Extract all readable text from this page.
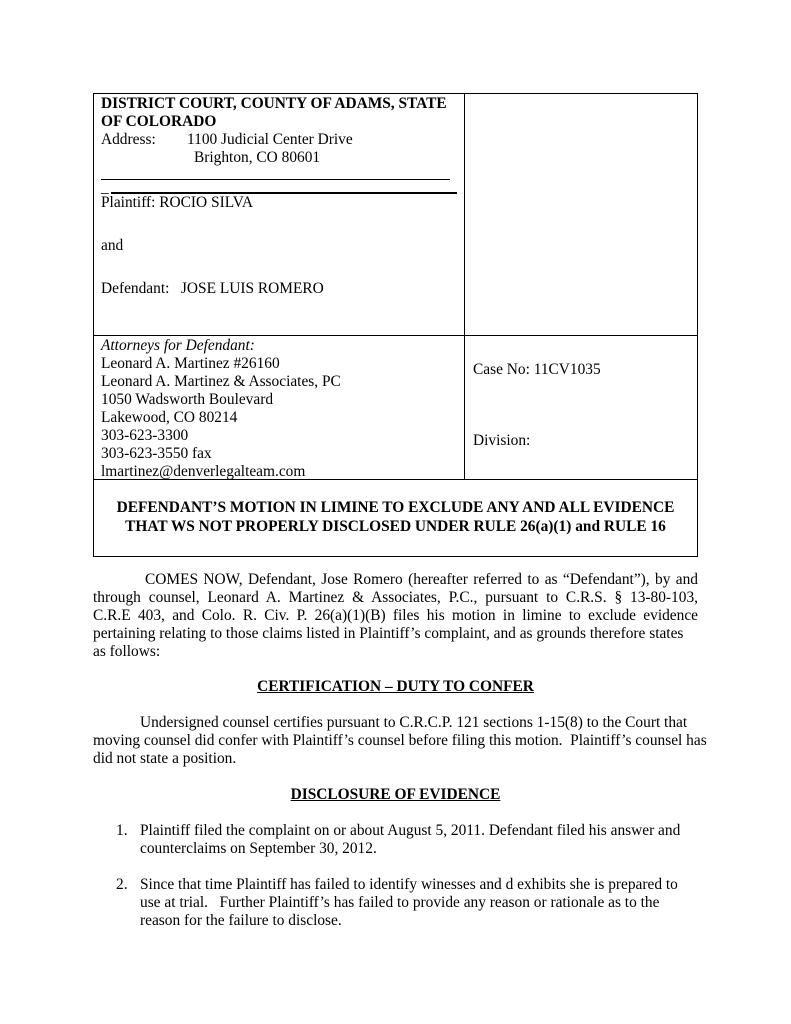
DISTRICT COURT, COUNTY OF ADAMS, STATE
OF COLORADO
Address:	1100 Judicial Center Drive
Brighton, CO 80601
_
Plaintiff: ROCIO SILVA
and
Defendant:   JOSE LUIS ROMERO
Attorneys for Defendant:
Leonard A. Martinez #26160
Leonard A. Martinez & Associates, PC
1050 Wadsworth Boulevard
Lakewood, CO 80214
303-623-3300
303-623-3550 fax
lmartinez@denverlegalteam.com
Case No: 11CV1035
Division:
DEFENDANT’S MOTION IN LIMINE TO EXCLUDE ANY AND ALL EVIDENCE
THAT WS NOT PROPERLY DISCLOSED UNDER RULE 26(a)(1) and RULE 16
COMES NOW, Defendant, Jose Romero (hereafter referred to as “Defendant”), by and
through counsel, Leonard A. Martinez & Associates, P.C., pursuant to C.R.S. § 13-80-103,
C.R.E 403, and Colo. R. Civ. P. 26(a)(1)(B) files his motion in limine to exclude evidence
pertaining relating to those claims listed in Plaintiff’s complaint, and as grounds therefore states
as follows:
CERTIFICATION – DUTY TO CONFER
Undersigned counsel certifies pursuant to C.R.C.P. 121 sections 1-15(8) to the Court that
moving counsel did confer with Plaintiff’s counsel before filing this motion.  Plaintiff’s counsel has
did not state a position.
DISCLOSURE OF EVIDENCE
1. Plaintiff filed the complaint on or about August 5, 2011. Defendant filed his answer and
counterclaims on September 30, 2012.
2. Since that time Plaintiff has failed to identify winesses and d exhibits she is prepared to
use at trial.   Further Plaintiff’s has failed to provide any reason or rationale as to the
reason for the failure to disclose.
